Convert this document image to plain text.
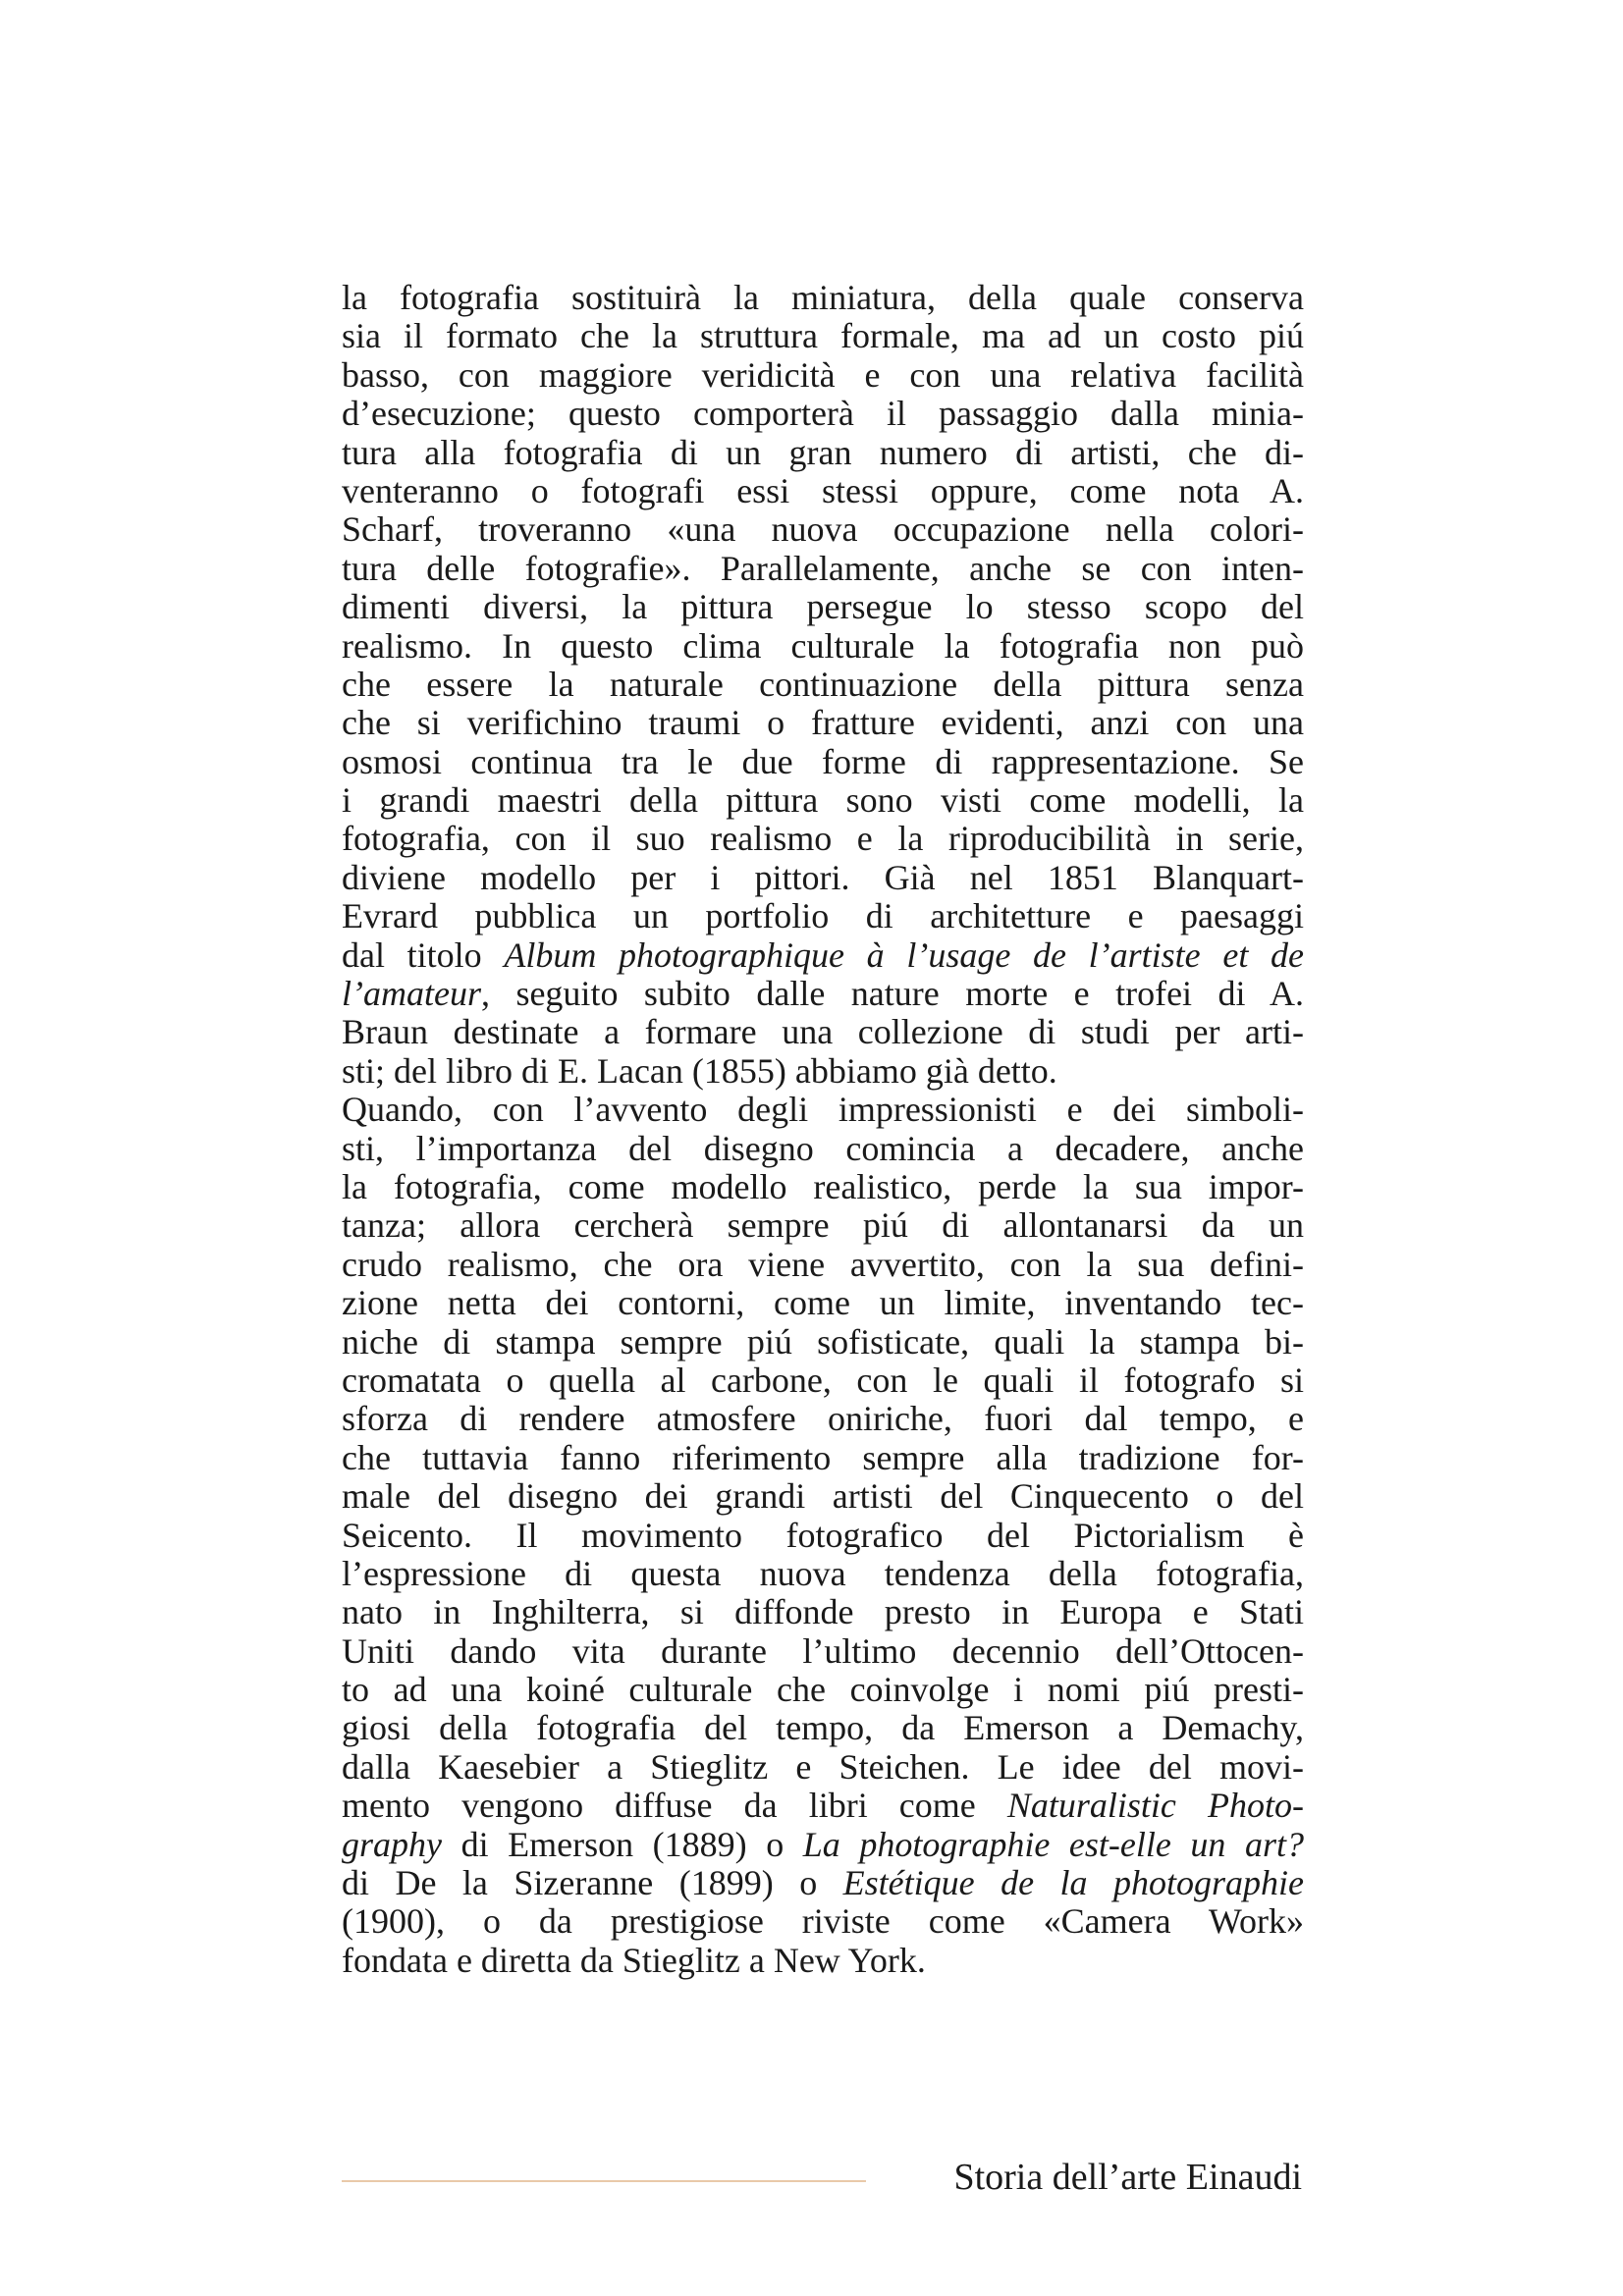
la fotografia sostituirà la miniatura, della quale conserva
sia il formato che la struttura formale, ma ad un costo piú
basso, con maggiore veridicità e con una relativa facilità
d’esecuzione; questo comporterà il passaggio dalla minia-
tura alla fotografia di un gran numero di artisti, che di-
venteranno o fotografi essi stessi oppure, come nota A.
Scharf, troveranno «una nuova occupazione nella colori-
tura delle fotografie». Parallelamente, anche se con inten-
dimenti diversi, la pittura persegue lo stesso scopo del
realismo. In questo clima culturale la fotografia non può
che essere la naturale continuazione della pittura senza
che si verifichino traumi o fratture evidenti, anzi con una
osmosi continua tra le due forme di rappresentazione. Se
i grandi maestri della pittura sono visti come modelli, la
fotografia, con il suo realismo e la riproducibilità in serie,
diviene modello per i pittori. Già nel 1851 Blanquart-
Evrard pubblica un portfolio di architetture e paesaggi
dal titolo Album photographique à l’usage de l’artiste et de
l’amateur, seguito subito dalle nature morte e trofei di A.
Braun destinate a formare una collezione di studi per arti-
sti; del libro di E. Lacan (1855) abbiamo già detto.
Quando, con l’avvento degli impressionisti e dei simboli-
sti, l’importanza del disegno comincia a decadere, anche
la fotografia, come modello realistico, perde la sua impor-
tanza; allora cercherà sempre piú di allontanarsi da un
crudo realismo, che ora viene avvertito, con la sua defini-
zione netta dei contorni, come un limite, inventando tec-
niche di stampa sempre piú sofisticate, quali la stampa bi-
cromatata o quella al carbone, con le quali il fotografo si
sforza di rendere atmosfere oniriche, fuori dal tempo, e
che tuttavia fanno riferimento sempre alla tradizione for-
male del disegno dei grandi artisti del Cinquecento o del
Seicento. Il movimento fotografico del Pictorialism è
l’espressione di questa nuova tendenza della fotografia,
nato in Inghilterra, si diffonde presto in Europa e Stati
Uniti dando vita durante l’ultimo decennio dell’Ottocen-
to ad una koiné culturale che coinvolge i nomi piú presti-
giosi della fotografia del tempo, da Emerson a Demachy,
dalla Kaesebier a Stieglitz e Steichen. Le idee del movi-
mento vengono diffuse da libri come Naturalistic Photo-
graphy di Emerson (1889) o La photographie est-elle un art?
di De la Sizeranne (1899) o Estétique de la photographie
(1900), o da prestigiose riviste come «Camera Work»
fondata e diretta da Stieglitz a New York.
Storia dell’arte Einaudi
